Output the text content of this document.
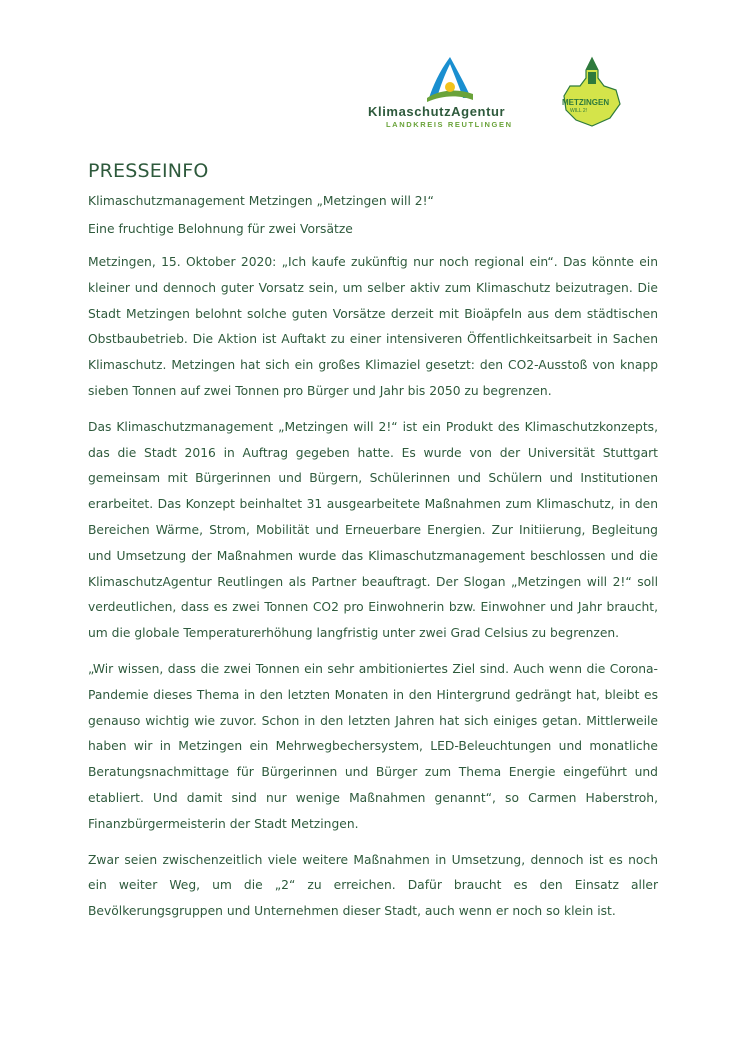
KlimaschutzAgentur
LANDKREIS REUTLINGEN
METZINGEN
WILL 2!
PRESSEINFO

Klimaschutzmanagement Metzingen „Metzingen will 2!“

Eine fruchtige Belohnung für zwei Vorsätze

Metzingen, 15. Oktober 2020: „Ich kaufe zukünftig nur noch regional ein“. Das könnte ein kleiner und dennoch guter Vorsatz sein, um selber aktiv zum Klimaschutz beizutragen. Die Stadt Metzingen belohnt solche guten Vorsätze derzeit mit Bioäpfeln aus dem städtischen Obstbaubetrieb. Die Aktion ist Auftakt zu einer intensiveren Öffentlichkeitsarbeit in Sachen Klimaschutz. Metzingen hat sich ein großes Klimaziel gesetzt: den CO2-Ausstoß von knapp sieben Tonnen auf zwei Tonnen pro Bürger und Jahr bis 2050 zu begrenzen.

Das Klimaschutzmanagement „Metzingen will 2!“ ist ein Produkt des Klimaschutzkonzepts, das die Stadt 2016 in Auftrag gegeben hatte. Es wurde von der Universität Stuttgart gemeinsam mit Bürgerinnen und Bürgern, Schülerinnen und Schülern und Institutionen erarbeitet. Das Konzept beinhaltet 31 ausgearbeitete Maßnahmen zum Klimaschutz, in den Bereichen Wärme, Strom, Mobilität und Erneuerbare Energien. Zur Initiierung, Begleitung und Umsetzung der Maßnahmen wurde das Klimaschutzmanagement beschlossen und die KlimaschutzAgentur Reutlingen als Partner beauftragt. Der Slogan „Metzingen will 2!“ soll verdeutlichen, dass es zwei Tonnen CO2 pro Einwohnerin bzw. Einwohner und Jahr braucht, um die globale Temperaturerhöhung langfristig unter zwei Grad Celsius zu begrenzen.

„Wir wissen, dass die zwei Tonnen ein sehr ambitioniertes Ziel sind. Auch wenn die Corona-Pandemie dieses Thema in den letzten Monaten in den Hintergrund gedrängt hat, bleibt es genauso wichtig wie zuvor. Schon in den letzten Jahren hat sich einiges getan. Mittlerweile haben wir in Metzingen ein Mehrwegbechersystem, LED-Beleuchtungen und monatliche Beratungsnachmittage für Bürgerinnen und Bürger zum Thema Energie eingeführt und etabliert. Und damit sind nur wenige Maßnahmen genannt“, so Carmen Haberstroh, Finanzbürgermeisterin der Stadt Metzingen.

Zwar seien zwischenzeitlich viele weitere Maßnahmen in Umsetzung, dennoch ist es noch ein weiter Weg, um die „2“ zu erreichen. Dafür braucht es den Einsatz aller Bevölkerungsgruppen und Unternehmen dieser Stadt, auch wenn er noch so klein ist.
